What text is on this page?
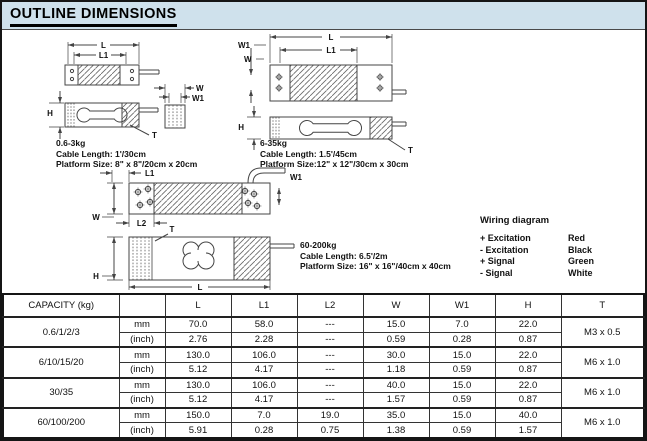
OUTLINE DIMENSIONS
L
L1
H
T
W
W1
L
L1
W1
W
H
T
L1	W1
W
L2
T
H
L
0.6-3kg
Cable Length: 1'/30cm
Platform Size: 8" x 8"/20cm x 20cm
6-35kg
Cable Length: 1.5'/45cm
Platform Size:12" x 12"/30cm x 30cm
60-200kg
Cable Length: 6.5'/2m
Platform Size: 16" x 16"/40cm x 40cm
Wiring diagram
+ Excitation	Red
- Excitation	Black
+ Signal	Green
- Signal	White
CAPACITY (kg)		L	L1	L2	W	W1	H	T
0.6/1/2/3	mm	70.0	58.0	---	15.0	7.0	22.0	M3 x 0.5
	(inch)	2.76	2.28	---	0.59	0.28	0.87	
6/10/15/20	mm	130.0	106.0	---	30.0	15.0	22.0	M6 x 1.0
	(inch)	5.12	4.17	---	1.18	0.59	0.87	
30/35	mm	130.0	106.0	---	40.0	15.0	22.0	M6 x 1.0
	(inch)	5.12	4.17	---	1.57	0.59	0.87	
60/100/200	mm	150.0	7.0	19.0	35.0	15.0	40.0	M6 x 1.0
	(inch)	5.91	0.28	0.75	1.38	0.59	1.57	
